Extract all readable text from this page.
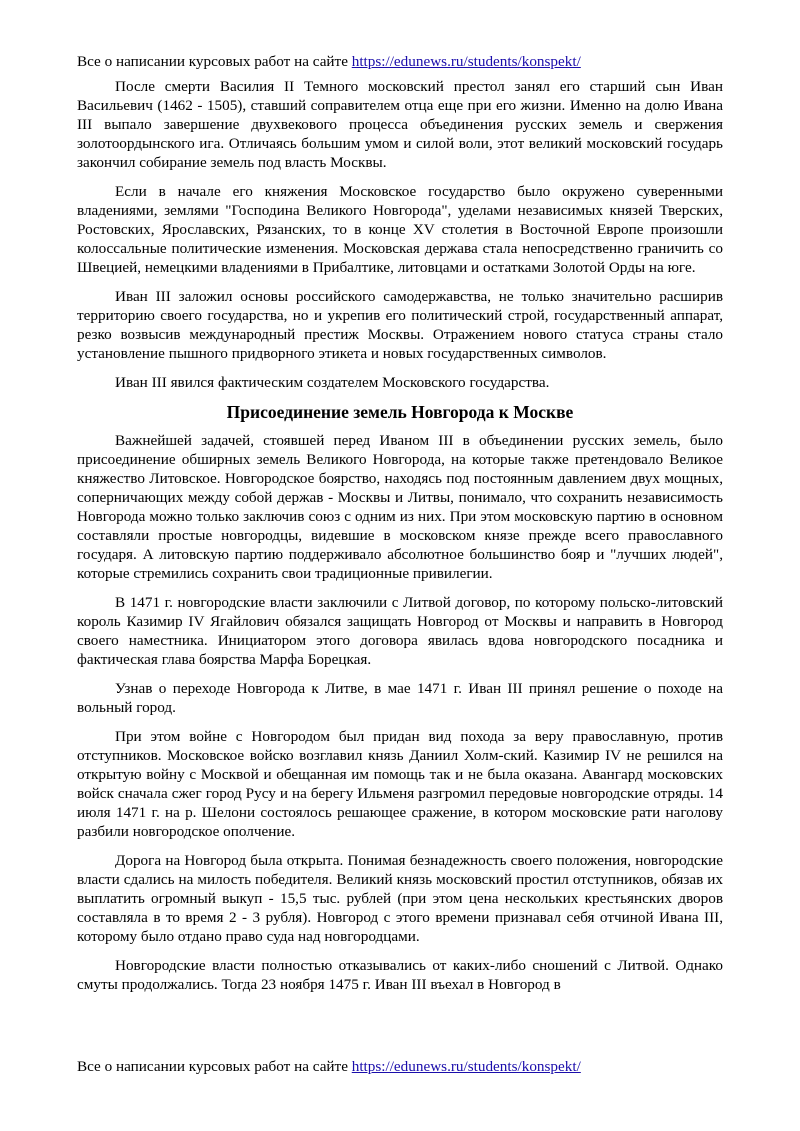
Все о написании курсовых работ на сайте https://edunews.ru/students/konspekt/

После смерти Василия II Темного московский престол занял его старший сын Иван Васильевич (1462 - 1505), ставший соправителем отца еще при его жизни. Именно на долю Ивана III выпало завершение двухвекового процесса объединения русских земель и свержения золотоордынского ига. Отличаясь большим умом и силой воли, этот великий московский государь закончил собирание земель под власть Москвы.

Если в начале его княжения Московское государство было окружено суверенными владениями, землями "Господина Великого Новгорода", уделами независимых князей Тверских, Ростовских, Ярославских, Рязанских, то в конце XV столетия в Восточной Европе произошли колоссальные политические изменения. Московская держава стала непосредственно граничить со Швецией, немецкими владениями в Прибалтике, литовцами и остатками Золотой Орды на юге.

Иван III заложил основы российского самодержавства, не только значительно расширив территорию своего государства, но и укрепив его политический строй, государственный аппарат, резко возвысив международный престиж Москвы. Отражением нового статуса страны стало установление пышного придворного этикета и новых государственных символов.

Иван III явился фактическим создателем Московского государства.

Присоединение земель Новгорода к Москве

Важнейшей задачей, стоявшей перед Иваном III в объединении русских земель, было присоединение обширных земель Великого Новгорода, на которые также претендовало Великое княжество Литовское. Новгородское боярство, находясь под постоянным давлением двух мощных, соперничающих между собой держав - Москвы и Литвы, понимало, что сохранить независимость Новгорода можно только заключив союз с одним из них. При этом московскую партию в основном составляли простые новгородцы, видевшие в московском князе прежде всего православного государя. А литовскую партию поддерживало абсолютное большинство бояр и "лучших людей", которые стремились сохранить свои традиционные привилегии.

В 1471 г. новгородские власти заключили с Литвой договор, по которому польско-литовский король Казимир IV Ягайлович обязался защищать Новгород от Москвы и направить в Новгород своего наместника. Инициатором этого договора явилась вдова новгородского посадника и фактическая глава боярства Марфа Борецкая.

Узнав о переходе Новгорода к Литве, в мае 1471 г. Иван III принял решение о походе на вольный город.

При этом войне с Новгородом был придан вид похода за веру православную, против отступников. Московское войско возглавил князь Даниил Холм-ский. Казимир IV не решился на открытую войну с Москвой и обещанная им помощь так и не была оказана. Авангард московских войск сначала сжег город Русу и на берегу Ильменя разгромил передовые новгородские отряды. 14 июля 1471 г. на р. Шелони состоялось решающее сражение, в котором московские рати наголову разбили новгородское ополчение.

Дорога на Новгород была открыта. Понимая безнадежность своего положения, новгородские власти сдались на милость победителя. Великий князь московский простил отступников, обязав их выплатить огромный выкуп - 15,5 тыс. рублей (при этом цена нескольких крестьянских дворов составляла в то время 2 - 3 рубля). Новгород с этого времени признавал себя отчиной Ивана III, которому было отдано право суда над новгородцами.

Новгородские власти полностью отказывались от каких-либо сношений с Литвой. Однако смуты продолжались. Тогда 23 ноября 1475 г. Иван III въехал в Новгород в

Все о написании курсовых работ на сайте https://edunews.ru/students/konspekt/
